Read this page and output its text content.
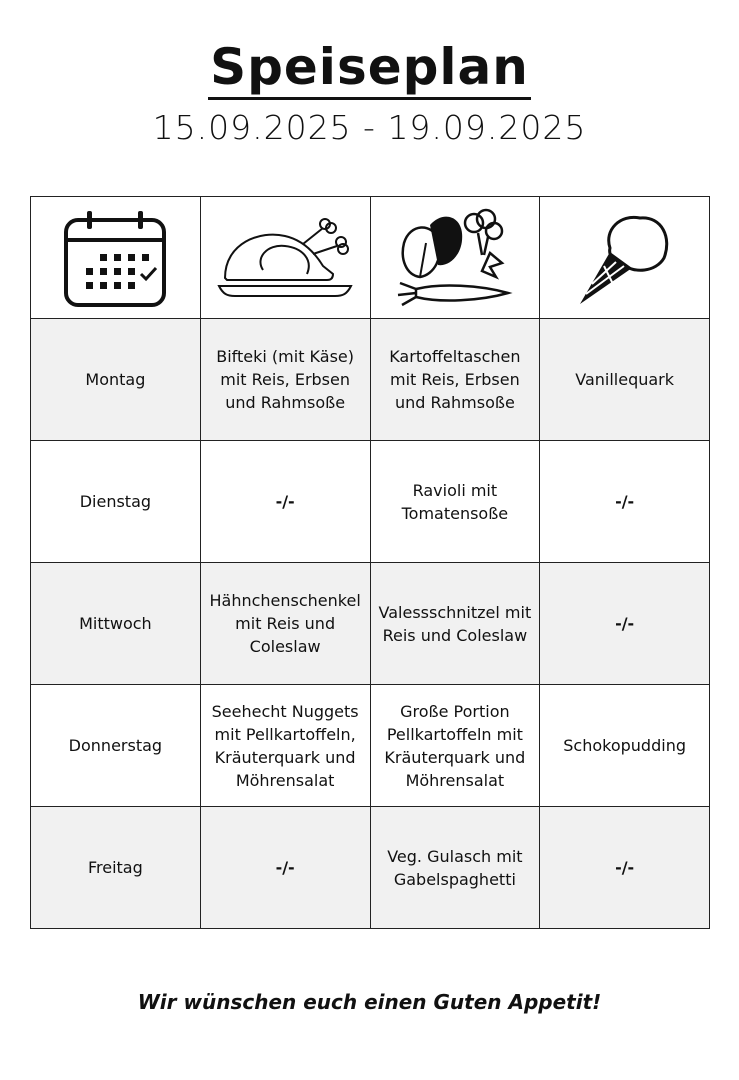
Speiseplan
15.09.2025 - 19.09.2025

Montag	Bifteki (mit Käse) mit Reis, Erbsen und Rahmsoße	Kartoffeltaschen mit Reis, Erbsen und Rahmsoße	Vanillequark
Dienstag	-/-	Ravioli mit Tomatensoße	-/-
Mittwoch	Hähnchenschenkel mit Reis und Coleslaw	Valessschnitzel mit Reis und Coleslaw	-/-
Donnerstag	Seehecht Nuggets mit Pellkartoffeln, Kräuterquark und Möhrensalat	Große Portion Pellkartoffeln mit Kräuterquark und Möhrensalat	Schokopudding
Freitag	-/-	Veg. Gulasch mit Gabelspaghetti	-/-
Wir wünschen euch einen Guten Appetit!
